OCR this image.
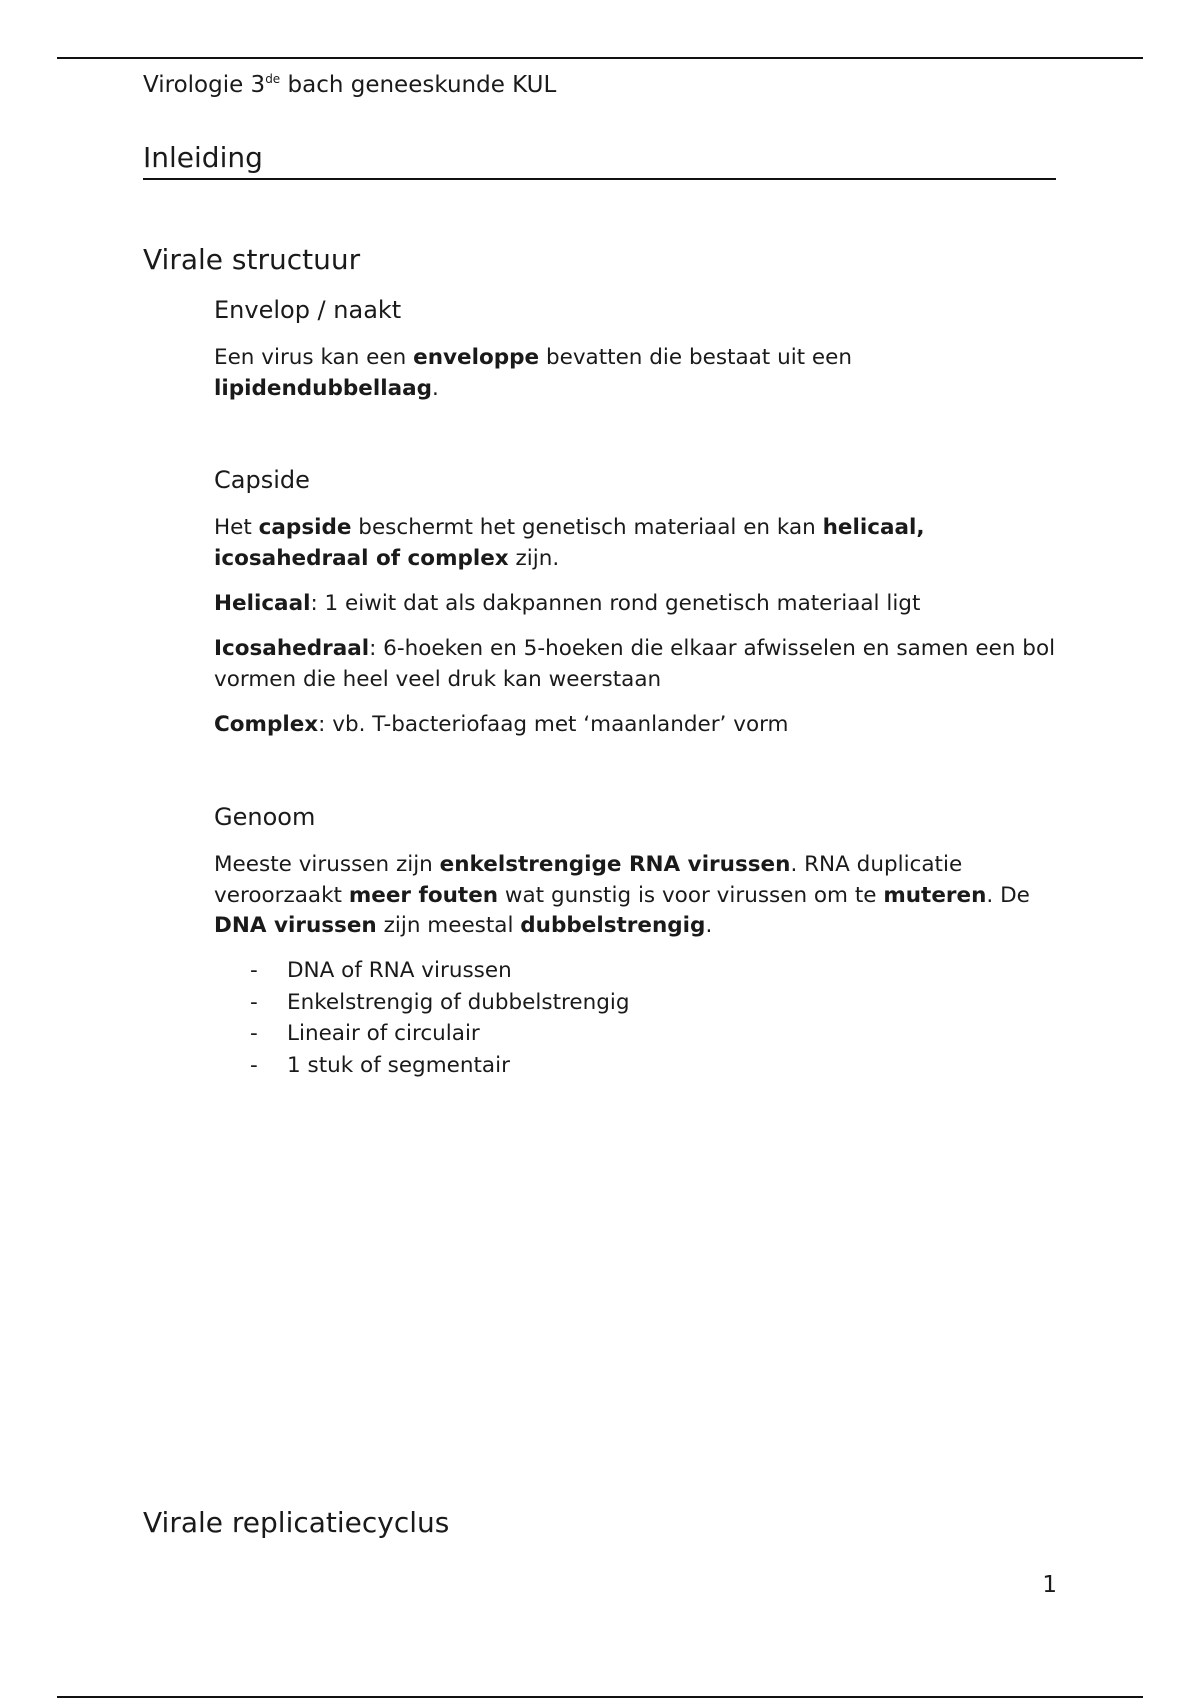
Virologie 3de bach geneeskunde KUL
Inleiding
Virale structuur
Envelop / naakt
Een virus kan een enveloppe bevatten die bestaat uit een
lipidendubbellaag.
Capside
Het capside beschermt het genetisch materiaal en kan helicaal, icosahedraal of complex zijn.
Helicaal: 1 eiwit dat als dakpannen rond genetisch materiaal ligt
Icosahedraal: 6-hoeken en 5-hoeken die elkaar afwisselen en samen een bol vormen die heel veel druk kan weerstaan
Complex: vb. T-bacteriofaag met ‘maanlander’ vorm
Genoom
Meeste virussen zijn enkelstrengige RNA virussen. RNA duplicatie veroorzaakt meer fouten wat gunstig is voor virussen om te muteren. De DNA virussen zijn meestal dubbelstrengig.
- DNA of RNA virussen
- Enkelstrengig of dubbelstrengig
- Lineair of circulair
- 1 stuk of segmentair
Virale replicatiecyclus
1
